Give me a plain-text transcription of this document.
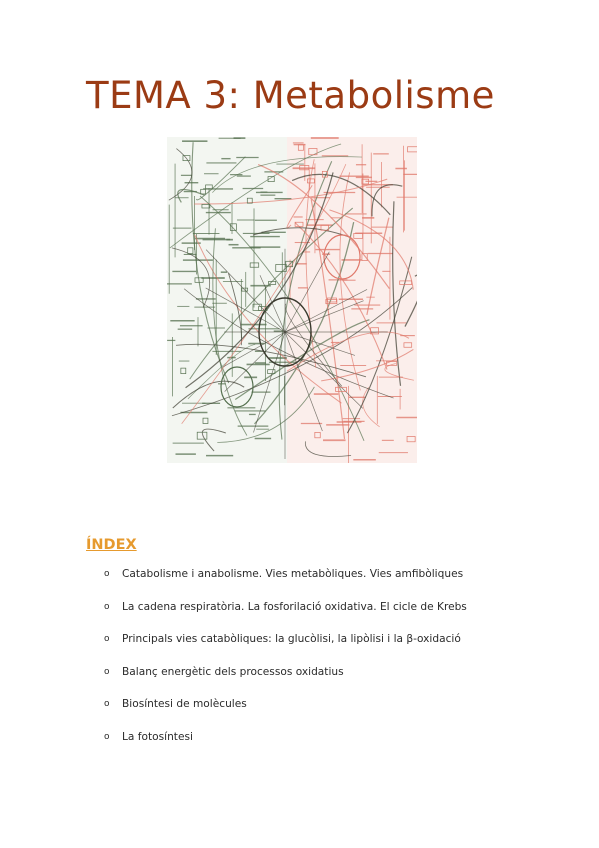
TEMA 3: Metabolisme
ÍNDEX
o	Catabolisme i anabolisme. Vies metabòliques. Vies amfibòliques
o	La cadena respiratòria. La fosforilació oxidativa. El cicle de Krebs
o	Principals vies catabòliques: la glucòlisi, la lipòlisi i la β-oxidació
o	Balanç energètic dels processos oxidatius
o	Biosíntesi de molècules
o	La fotosíntesi
